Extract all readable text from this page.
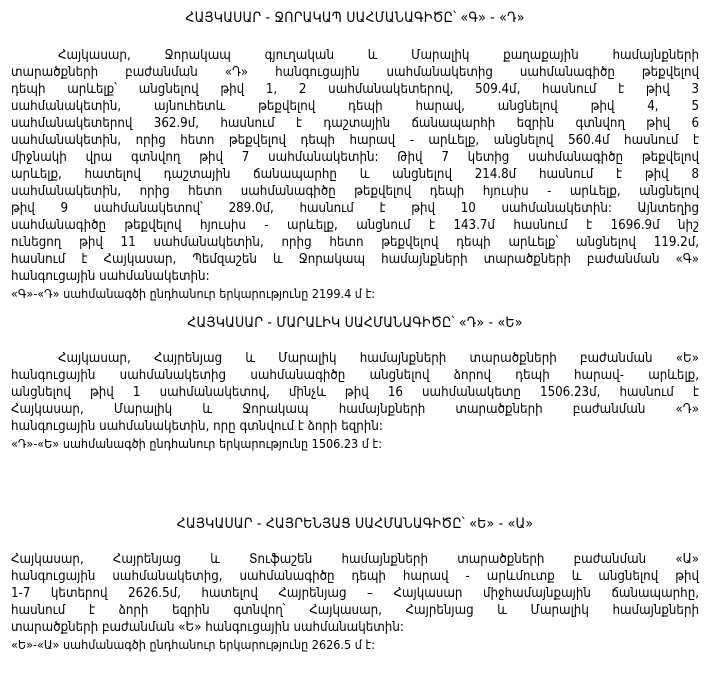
ՀԱՅԿԱՍԱՐ - ՋՈՐԱԿԱՊ ՍԱՀՄԱՆԱԳԻԾԸ՝ «Գ» - «Դ»
Հայկասար, Ջորակապ գյուղական և Մարալիկ քաղաքային համայնքների
տարածքների բաժանման «Դ» հանգուցային սահմանակետից սահմանագիծը թեքվելով
դեպի արևելք՝ անցնելով թիվ 1, 2 սահմանակետերով, 509.4մ, հասնում է թիվ 3
սահմանակետին, այնուհետև թեքվելով դեպի հարավ, անցնելով թիվ 4, 5
սահմանակետերով 362.9մ, հասնում է դաշտային ճանապարհի եզրին գտնվող թիվ 6
սահմանակետին, որից հետո թեքվելով դեպի հարավ - արևելք, անցնելով 560.4մ հասնում է
միջնակի վրա գտնվող թիվ 7 սահմանակետին: Թիվ 7 կետից սահմանագիծը թեքվելով
արևելք, հատելով դաշտային ճանապարհը և անցնելով 214.8մ հասնում է թիվ 8
սահմանակետին, որից հետո սահմանագիծը թեքվելով դեպի հյուսիս - արևելք, անցնելով
թիվ 9 սահմանակետով՝ 289.0մ, հասնում է թիվ 10 սահմանակետին: Այնտեղից
սահմանագիծը թեքվելով հյուսիս - արևելք, անցնում է 143.7մ հասնում է 1696.9մ նիշ
ունեցող թիվ 11 սահմանակետին, որից հետո թեքվելով դեպի արևելք՝ անցնելով 119.2մ,
հասնում է Հայկասար, Պեմզաշեն և Ջորակապ համայնքների տարածքների բաժանման «Գ»
հանգուցային սահմանակետին:
«Գ»-«Դ» սահմանագծի ընդհանուր երկարությունը 2199.4 մ է:
ՀԱՅԿԱՍԱՐ - ՄԱՐԱԼԻԿ ՍԱՀՄԱՆԱԳԻԾԸ՝ «Դ» - «Ե»
Հայկասար, Հայրենյաց և Մարալիկ համայնքների տարածքների բաժանման «Ե»
հանգուցային սահմանակետից սահմանագիծը անցնելով ձորով դեպի հարավ- արևելք,
անցնելով թիվ 1 սահմանակետով, մինչև թիվ 16 սահմանակետը 1506.23մ, հասնում է
Հայկասար, Մարալիկ և Ջորակապ համայնքների տարածքների բաժանման «Դ»
հանգուցային սահմանակետին, որը գտնվում է ձորի եզրին:
«Դ»-«Ե» սահմանագծի ընդհանուր երկարությունը 1506.23 մ է:
ՀԱՅԿԱՍԱՐ - ՀԱՅՐԵՆՅԱՑ ՍԱՀՄԱՆԱԳԻԾԸ՝ «Ե» - «Ա»
Հայկասար, Հայրենյաց և Տուֆաշեն համայնքների տարածքների բաժանման «Ա»
հանգուցային սահմանակետից, սահմանագիծը դեպի հարավ - արևմուտք և անցնելով թիվ
1-7 կետերով 2626.5մ, հատելով Հայրենյաց – Հայկասար միջհամայնքային ճանապարհը,
հասնում է ձորի եզրին գտնվող՝ Հայկասար, Հայրենյաց և Մարալիկ համայնքների
տարածքների բաժանման «Ե» հանգուցային սահմանակետին:
«Ե»-«Ա» սահմանագծի ընդհանուր երկարությունը 2626.5 մ է:
